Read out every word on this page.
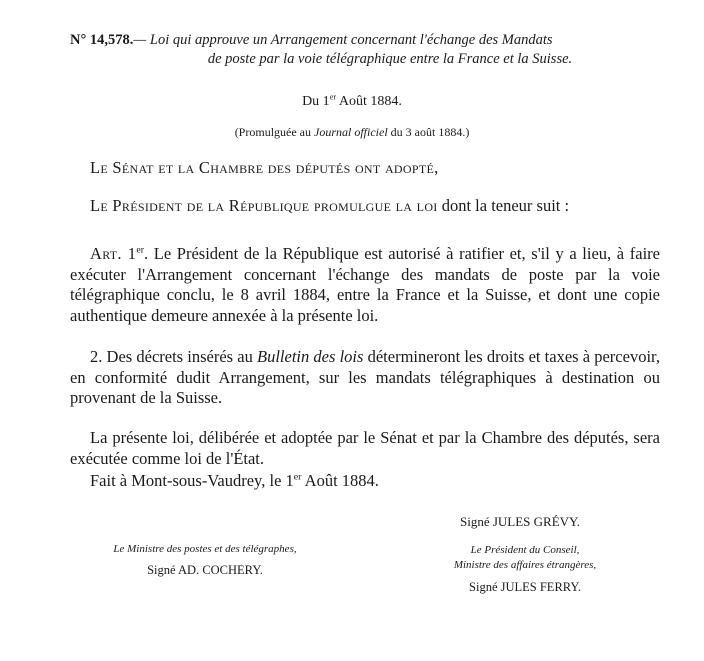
N° 14,578.— Loi qui approuve un Arrangement concernant l'échange des Mandats
de poste par la voie télégraphique entre la France et la Suisse.
Du 1er Août 1884.
(Promulguée au Journal officiel du 3 août 1884.)
Le Sénat et la Chambre des députés ont adopté,
Le Président de la République promulgue la loi dont la teneur suit :
Art. 1er. Le Président de la République est autorisé à ratifier et, s'il y a lieu, à faire exécuter l'Arrangement concernant l'échange des mandats de poste par la voie télégraphique conclu, le 8 avril 1884, entre la France et la Suisse, et dont une copie authentique demeure annexée à la présente loi.
2. Des décrets insérés au Bulletin des lois détermineront les droits et taxes à percevoir, en conformité dudit Arrangement, sur les mandats télégraphiques à destination ou provenant de la Suisse.
La présente loi, délibérée et adoptée par le Sénat et par la Chambre des députés, sera exécutée comme loi de l'État.
Fait à Mont-sous-Vaudrey, le 1er Août 1884.
Signé JULES GRÉVY.
Le Ministre des postes et des télégraphes,
Signé AD. COCHERY.
Le Président du Conseil,
Ministre des affaires étrangères,
Signé JULES FERRY.
